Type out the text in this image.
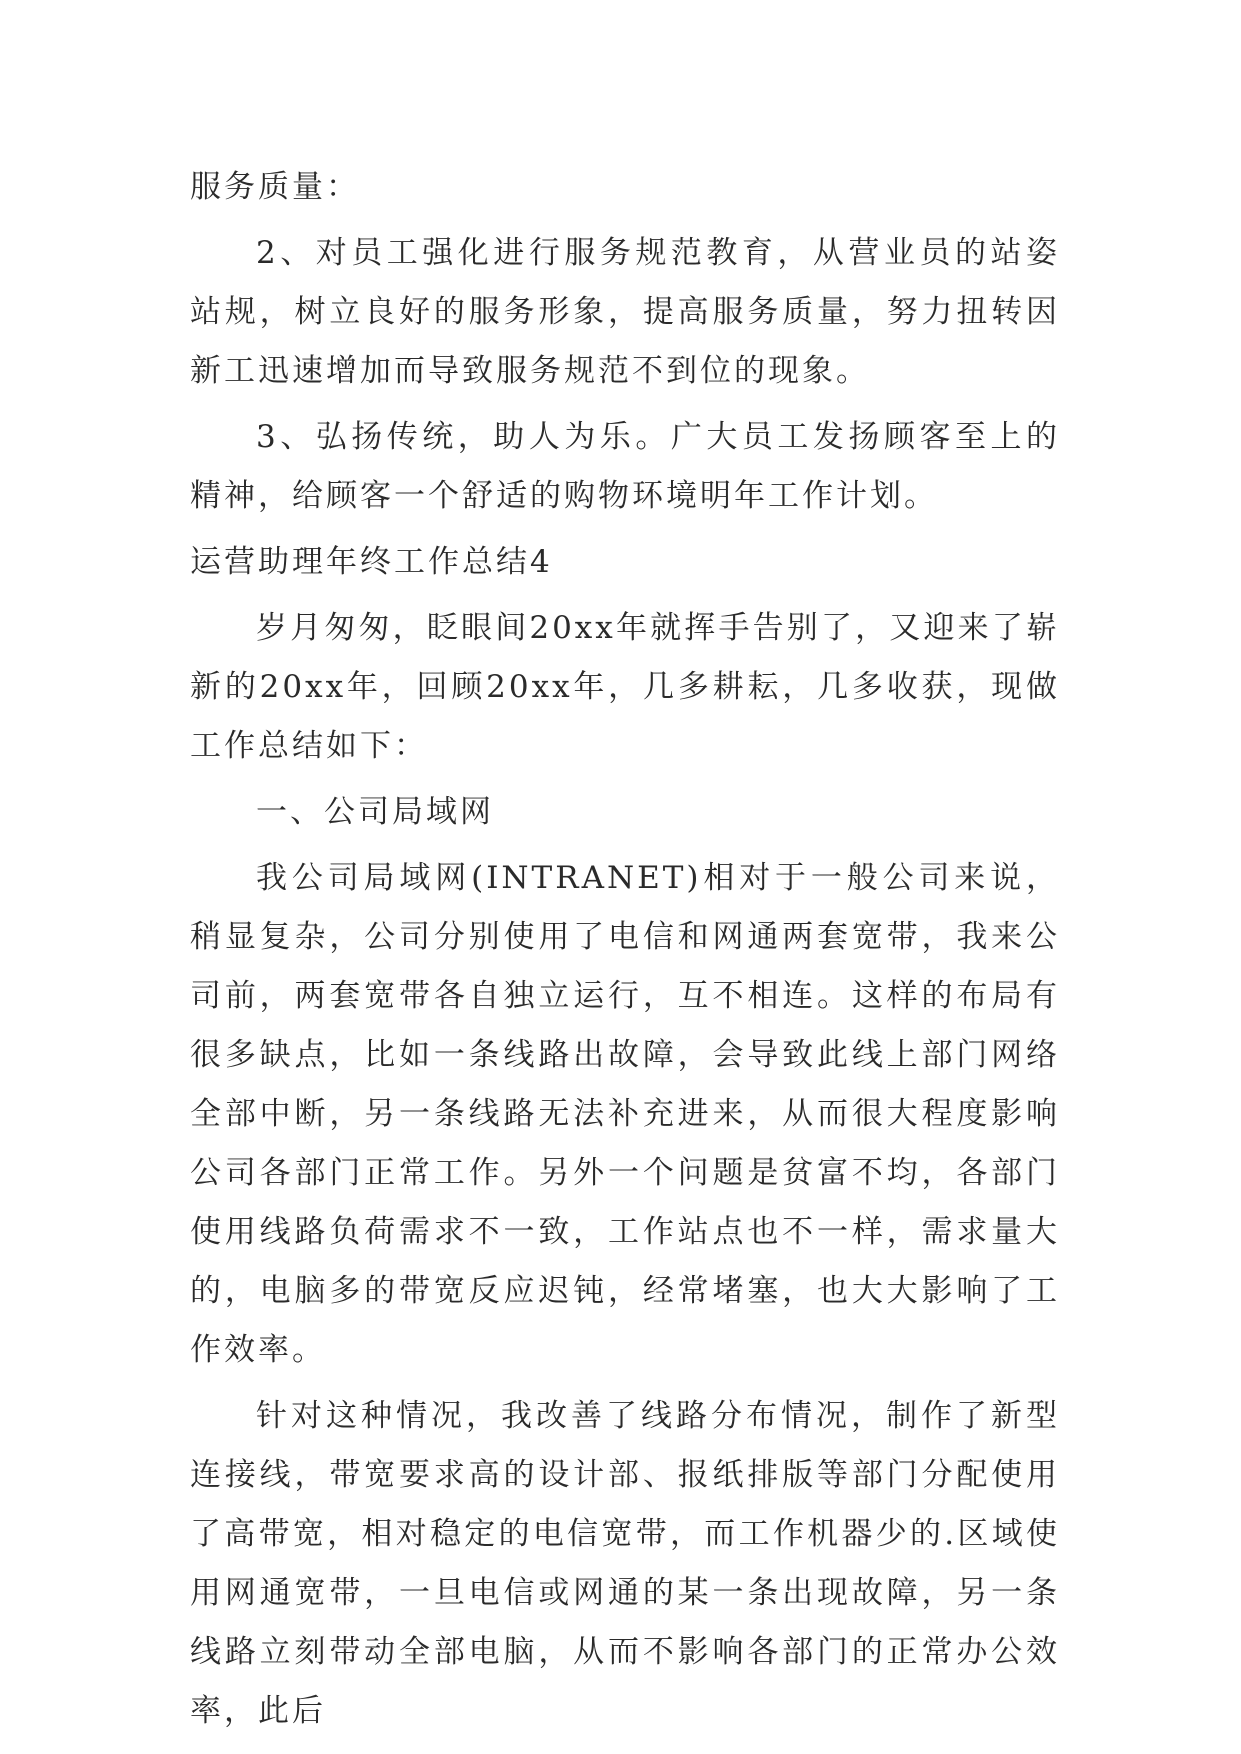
服务质量：

2、对员工强化进行服务规范教育，从营业员的站姿站规，树立良好的服务形象，提高服务质量，努力扭转因新工迅速增加而导致服务规范不到位的现象。

3、弘扬传统，助人为乐。广大员工发扬顾客至上的精神，给顾客一个舒适的购物环境明年工作计划。

运营助理年终工作总结4

岁月匆匆，眨眼间20xx年就挥手告别了，又迎来了崭新的20xx年，回顾20xx年，几多耕耘，几多收获，现做工作总结如下：

一、公司局域网

我公司局域网(INTRANET)相对于一般公司来说，稍显复杂，公司分别使用了电信和网通两套宽带，我来公司前，两套宽带各自独立运行，互不相连。这样的布局有很多缺点，比如一条线路出故障，会导致此线上部门网络全部中断，另一条线路无法补充进来，从而很大程度影响公司各部门正常工作。另外一个问题是贫富不均，各部门使用线路负荷需求不一致，工作站点也不一样，需求量大的，电脑多的带宽反应迟钝，经常堵塞，也大大影响了工作效率。

针对这种情况，我改善了线路分布情况，制作了新型连接线，带宽要求高的设计部、报纸排版等部门分配使用了高带宽，相对稳定的电信宽带，而工作机器少的.区域使用网通宽带，一旦电信或网通的某一条出现故障，另一条线路立刻带动全部电脑，从而不影响各部门的正常办公效率，此后
